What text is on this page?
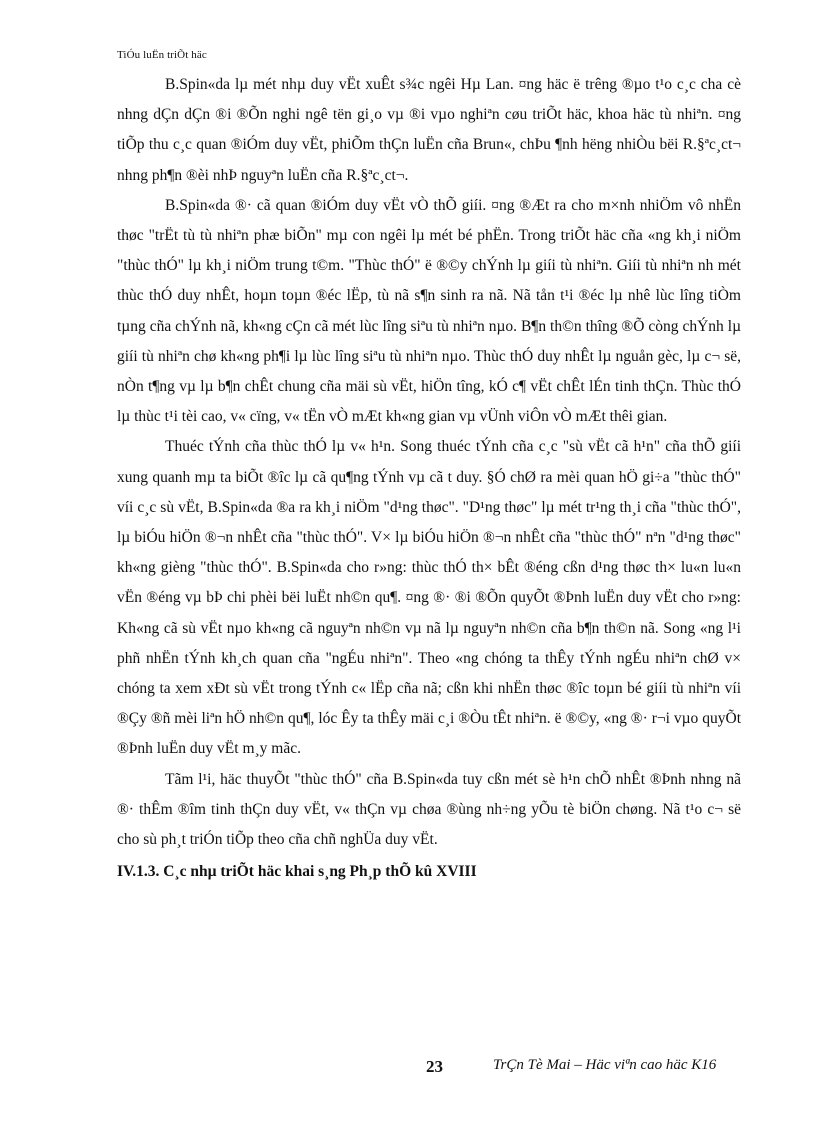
TiÓu luËn triÕt häc

B.Spin«da lµ mét nhµ duy vËt xuÊt s¾c ngêi Hµ Lan. ¤ng häc ë trêng ®µo t¹o c¸c cha cè nhng dÇn dÇn ®i ®Õn nghi ngê tën gi¸o vµ ®i vµo nghiªn cøu triÕt häc, khoa häc tù nhiªn. ¤ng tiÕp thu c¸c quan ®iÓm duy vËt, phiÕm thÇn luËn cña Brun«, chÞu ¶nh hëng nhiÒu bëi R.§ªc¸ct¬ nhng ph¶n ®èi nhÞ nguyªn luËn cña R.§ªc¸ct¬.

B.Spin«da ®· cã quan ®iÓm duy vËt vÒ thÕ giíi. ¤ng ®Æt ra cho m×nh nhiÖm vô nhËn thøc "trËt tù tù nhiªn phæ biÕn" mµ con ngêi lµ mét bé phËn. Trong triÕt häc cña «ng kh¸i niÖm "thùc thÓ" lµ kh¸i niÖm trung t©m. "Thùc thÓ" ë ®©y chÝnh lµ giíi tù nhiªn. Giíi tù nhiªn nh mét thùc thÓ duy nhÊt, hoµn toµn ®éc lËp, tù nã s¶n sinh ra nã. Nã tån t¹i ®éc lµ nhê lùc lîng tiÒm tµng cña chÝnh nã, kh«ng cÇn cã mét lùc lîng siªu tù nhiªn nµo. B¶n th©n thîng ®Õ còng chÝnh lµ giíi tù nhiªn chø kh«ng ph¶i lµ lùc lîng siªu tù nhiªn nµo. Thùc thÓ duy nhÊt lµ nguån gèc, lµ c¬ së, nÒn t¶ng vµ lµ b¶n chÊt chung cña mäi sù vËt, hiÖn tîng, kÓ c¶ vËt chÊt lÉn tinh thÇn. Thùc thÓ lµ thùc t¹i tèi cao, v« cïng, v« tËn vÒ mÆt kh«ng gian vµ vÜnh viÔn vÒ mÆt thêi gian.

Thuéc tÝnh cña thùc thÓ lµ v« h¹n. Song thuéc tÝnh cña c¸c "sù vËt cã h¹n" cña thÕ giíi xung quanh mµ ta biÕt ®îc lµ cã qu¶ng tÝnh vµ cã t duy. §Ó chØ ra mèi quan hÖ gi÷a "thùc thÓ" víi c¸c sù vËt, B.Spin«da ®a ra kh¸i niÖm "d¹ng thøc". "D¹ng thøc" lµ mét tr¹ng th¸i cña "thùc thÓ", lµ biÓu hiÖn ®¬n nhÊt cña "thùc thÓ". V× lµ biÓu hiÖn ®¬n nhÊt cña "thùc thÓ" nªn "d¹ng thøc" kh«ng gièng "thùc thÓ". B.Spin«da cho r»ng: thùc thÓ th× bÊt ®éng cßn d¹ng thøc th× lu«n lu«n vËn ®éng vµ bÞ chi phèi bëi luËt nh©n qu¶. ¤ng ®· ®i ®Õn quyÕt ®Þnh luËn duy vËt cho r»ng: Kh«ng cã sù vËt nµo kh«ng cã nguyªn nh©n vµ nã lµ nguyªn nh©n cña b¶n th©n nã. Song «ng l¹i phñ nhËn tÝnh kh¸ch quan cña "ngÉu nhiªn". Theo «ng chóng ta thÊy tÝnh ngÉu nhiªn chØ v× chóng ta xem xÐt sù vËt trong tÝnh c« lËp cña nã; cßn khi nhËn thøc ®îc toµn bé giíi tù nhiªn víi ®Çy ®ñ mèi liªn hÖ nh©n qu¶, lóc Êy ta thÊy mäi c¸i ®Òu tÊt nhiªn. ë ®©y, «ng ®· r¬i vµo quyÕt ®Þnh luËn duy vËt m¸y mãc.

Tãm l¹i, häc thuyÕt "thùc thÓ" cña B.Spin«da tuy cßn mét sè h¹n chÕ nhÊt ®Þnh nhng nã ®· thÊm ®îm tinh thÇn duy vËt, v« thÇn vµ chøa ®ùng nh÷ng yÕu tè biÖn chøng. Nã t¹o c¬ së cho sù ph¸t triÓn tiÕp theo cña chñ nghÜa duy vËt.

IV.1.3. C¸c nhµ triÕt häc khai s¸ng Ph¸p thÕ kû XVIII
23	TrÇn Tè Mai – Häc viªn cao häc K16
